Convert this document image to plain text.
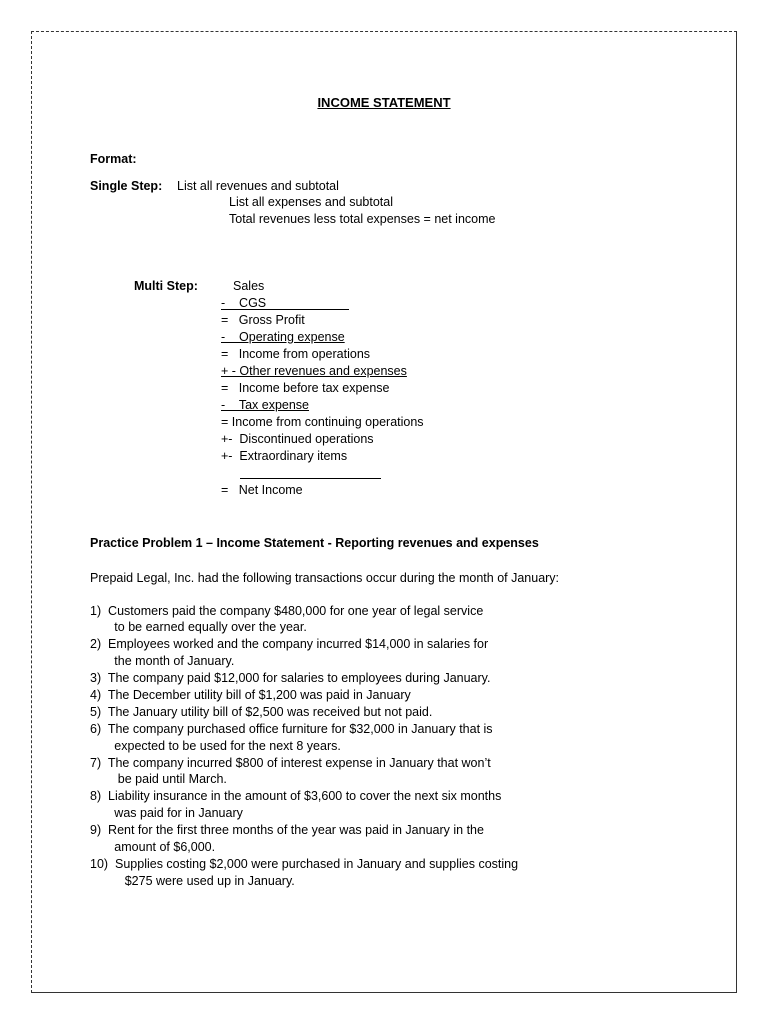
INCOME STATEMENT
Format:
Single Step: List all revenues and subtotal
List all expenses and subtotal
Total revenues less total expenses = net income
Multi Step:	Sales
-    CGS
=   Gross Profit
-    Operating expense
=   Income from operations
+ - Other revenues and expenses
=   Income before tax expense
-    Tax expense
= Income from continuing operations
+-  Discontinued operations
+-  Extraordinary items
=   Net Income
Practice Problem 1 – Income Statement - Reporting revenues and expenses
Prepaid Legal, Inc. had the following transactions occur during the month of January:
1)  Customers paid the company $480,000 for one year of legal service
to be earned equally over the year.
2)  Employees worked and the company incurred $14,000 in salaries for
the month of January.
3)  The company paid $12,000 for salaries to employees during January.
4)  The December utility bill of $1,200 was paid in January
5)  The January utility bill of $2,500 was received but not paid.
6)  The company purchased office furniture for $32,000 in January that is
expected to be used for the next 8 years.
7)  The company incurred $800 of interest expense in January that won’t
be paid until March.
8)  Liability insurance in the amount of $3,600 to cover the next six months
was paid for in January
9)  Rent for the first three months of the year was paid in January in the
amount of $6,000.
10)  Supplies costing $2,000 were purchased in January and supplies costing
$275 were used up in January.
